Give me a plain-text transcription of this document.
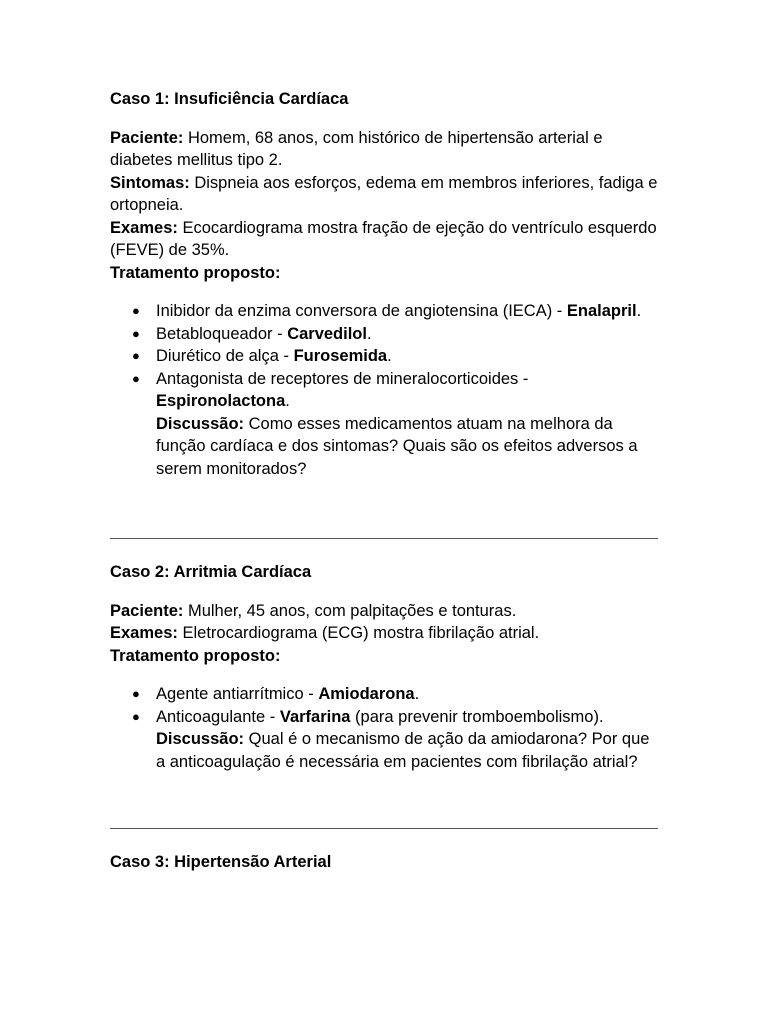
Caso 1: Insuficiência Cardíaca

Paciente: Homem, 68 anos, com histórico de hipertensão arterial e diabetes mellitus tipo 2.

Sintomas: Dispneia aos esforços, edema em membros inferiores, fadiga e ortopneia.

Exames: Ecocardiograma mostra fração de ejeção do ventrículo esquerdo (FEVE) de 35%.

Tratamento proposto:

● Inibidor da enzima conversora de angiotensina (IECA) - Enalapril.
● Betabloqueador - Carvedilol.
● Diurético de alça - Furosemida.
● Antagonista de receptores de mineralocorticoides - Espironolactona.
Discussão: Como esses medicamentos atuam na melhora da função cardíaca e dos sintomas? Quais são os efeitos adversos a serem monitorados?

Caso 2: Arritmia Cardíaca

Paciente: Mulher, 45 anos, com palpitações e tonturas.

Exames: Eletrocardiograma (ECG) mostra fibrilação atrial.

Tratamento proposto:

● Agente antiarrítmico - Amiodarona.
● Anticoagulante - Varfarina (para prevenir tromboembolismo).
Discussão: Qual é o mecanismo de ação da amiodarona? Por que a anticoagulação é necessária em pacientes com fibrilação atrial?

Caso 3: Hipertensão Arterial
